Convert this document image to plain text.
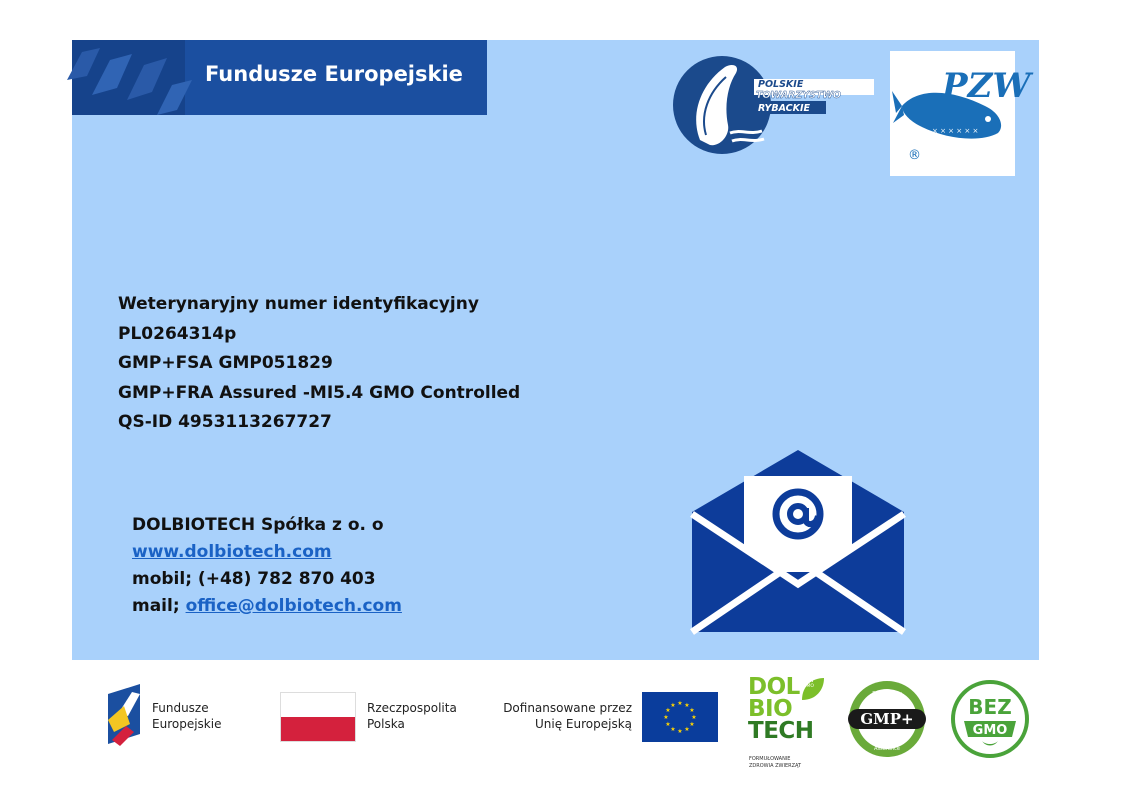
Fundusze Europejskie	POLSKIE
TOWARZYSTWO
RYBACKIE
PZW
× × × × × ×
®
Weterynaryjny numer identyfikacyjny
PL0264314p
GMP+FSA GMP051829
GMP+FRA Assured -MI5.4 GMO Controlled
QS-ID 4953113267727
DOLBIOTECH Spółka z o. o
www.dolbiotech.com
mobil; (+48) 782 870 403
mail; office@dolbiotech.com
Fundusze
Europejskie
Rzeczpospolita
Polska
Dofinansowane przez
Unię Europejską
★ ★
★
★
★
★
★
★
★
★
★
★
DOL
BIO
TECH
NON GMO
FORMUŁOWANIE
ZDROWIA ZWIERZĄT
Feed Safety
Assurance
GMP+	BEZ
GMO
